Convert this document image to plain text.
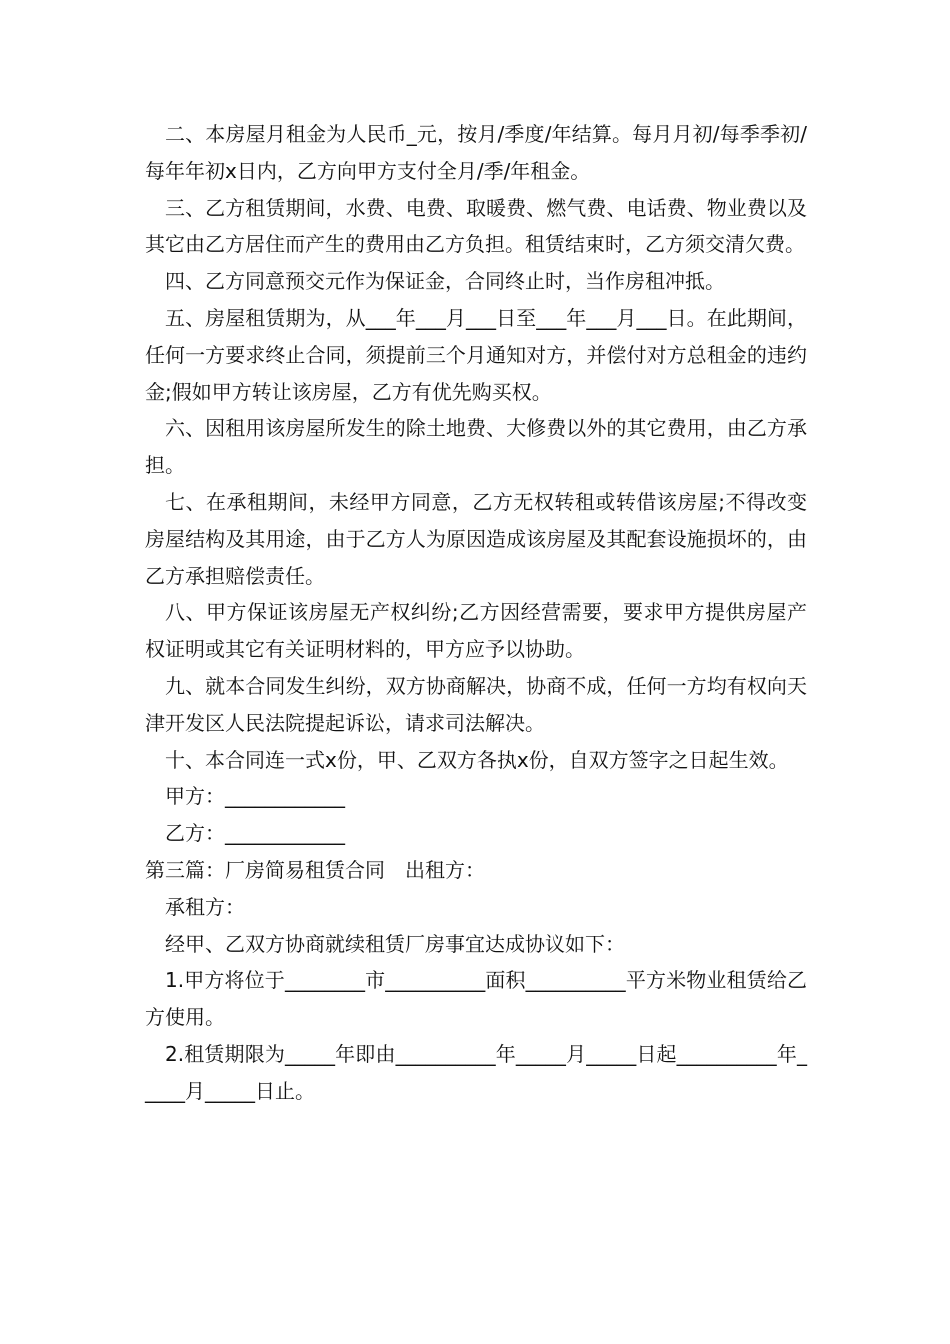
二、本房屋月租金为人民币_元，按月/季度/年结算。每月月初/每季季初/每年年初x日内，乙方向甲方支付全月/季/年租金。

三、乙方租赁期间，水费、电费、取暖费、燃气费、电话费、物业费以及其它由乙方居住而产生的费用由乙方负担。租赁结束时，乙方须交清欠费。

四、乙方同意预交元作为保证金，合同终止时，当作房租冲抵。

五、房屋租赁期为，从___年___月___日至___年___月___日。在此期间，任何一方要求终止合同，须提前三个月通知对方，并偿付对方总租金的违约金;假如甲方转让该房屋，乙方有优先购买权。

六、因租用该房屋所发生的除土地费、大修费以外的其它费用，由乙方承担。

七、在承租期间，未经甲方同意，乙方无权转租或转借该房屋;不得改变房屋结构及其用途，由于乙方人为原因造成该房屋及其配套设施损坏的，由乙方承担赔偿责任。

八、甲方保证该房屋无产权纠纷;乙方因经营需要，要求甲方提供房屋产权证明或其它有关证明材料的，甲方应予以协助。

九、就本合同发生纠纷，双方协商解决，协商不成，任何一方均有权向天津开发区人民法院提起诉讼，请求司法解决。

十、本合同连一式x份，甲、乙双方各执x份，自双方签字之日起生效。

甲方：____________

乙方：____________

第三篇：厂房简易租赁合同　出租方：

承租方：

经甲、乙双方协商就续租赁厂房事宜达成协议如下：

1.甲方将位于________市__________面积__________平方米物业租赁给乙方使用。

2.租赁期限为_____年即由__________年_____月_____日起__________年_____月_____日止。
